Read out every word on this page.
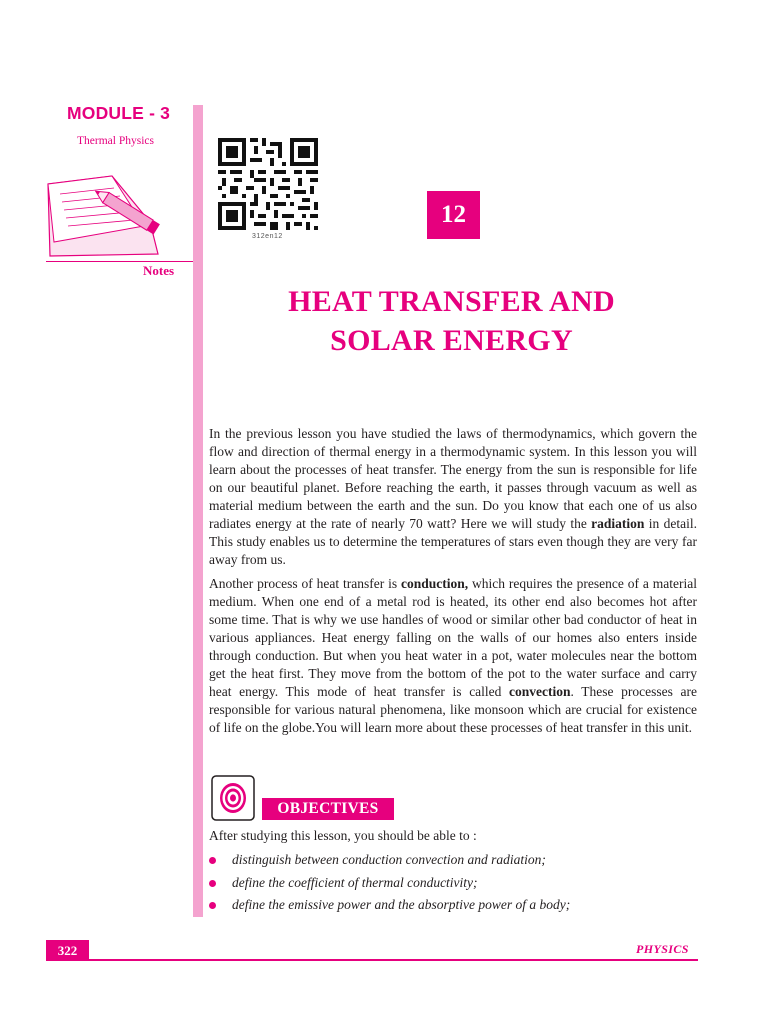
MODULE - 3
Thermal Physics
Notes
312en12
12
HEAT TRANSFER AND
SOLAR ENERGY
In the previous lesson you have studied the laws of thermodynamics, which govern the flow and direction of thermal energy in a thermodynamic system. In this lesson you will learn about the processes of heat transfer. The energy from the sun is responsible for life on our beautiful planet. Before reaching the earth, it passes through vacuum as well as material medium between the earth and the sun. Do you know that each one of us also radiates energy at the rate of nearly 70 watt? Here we will study the radiation in detail. This study enables us to determine the temperatures of stars even though they are very far away from us.
Another process of heat transfer is conduction, which requires the presence of a material medium. When one end of a metal rod is heated, its other end also becomes hot after some time. That is why we use handles of wood or similar other bad conductor of heat in various appliances. Heat energy falling on the walls of our homes also enters inside through conduction. But when you heat water in a pot, water molecules near the bottom get the heat first. They move from the bottom of the pot to the water surface and carry heat energy. This mode of heat transfer is called convection. These processes are responsible for various natural phenomena, like monsoon which are crucial for existence of life on the globe.You will learn more about these processes of heat transfer in this unit.
OBJECTIVES
After studying this lesson, you should be able to :
distinguish between conduction convection and radiation;
define the coefficient of thermal conductivity;
define the emissive power and the absorptive power of a body;
322	PHYSICS
